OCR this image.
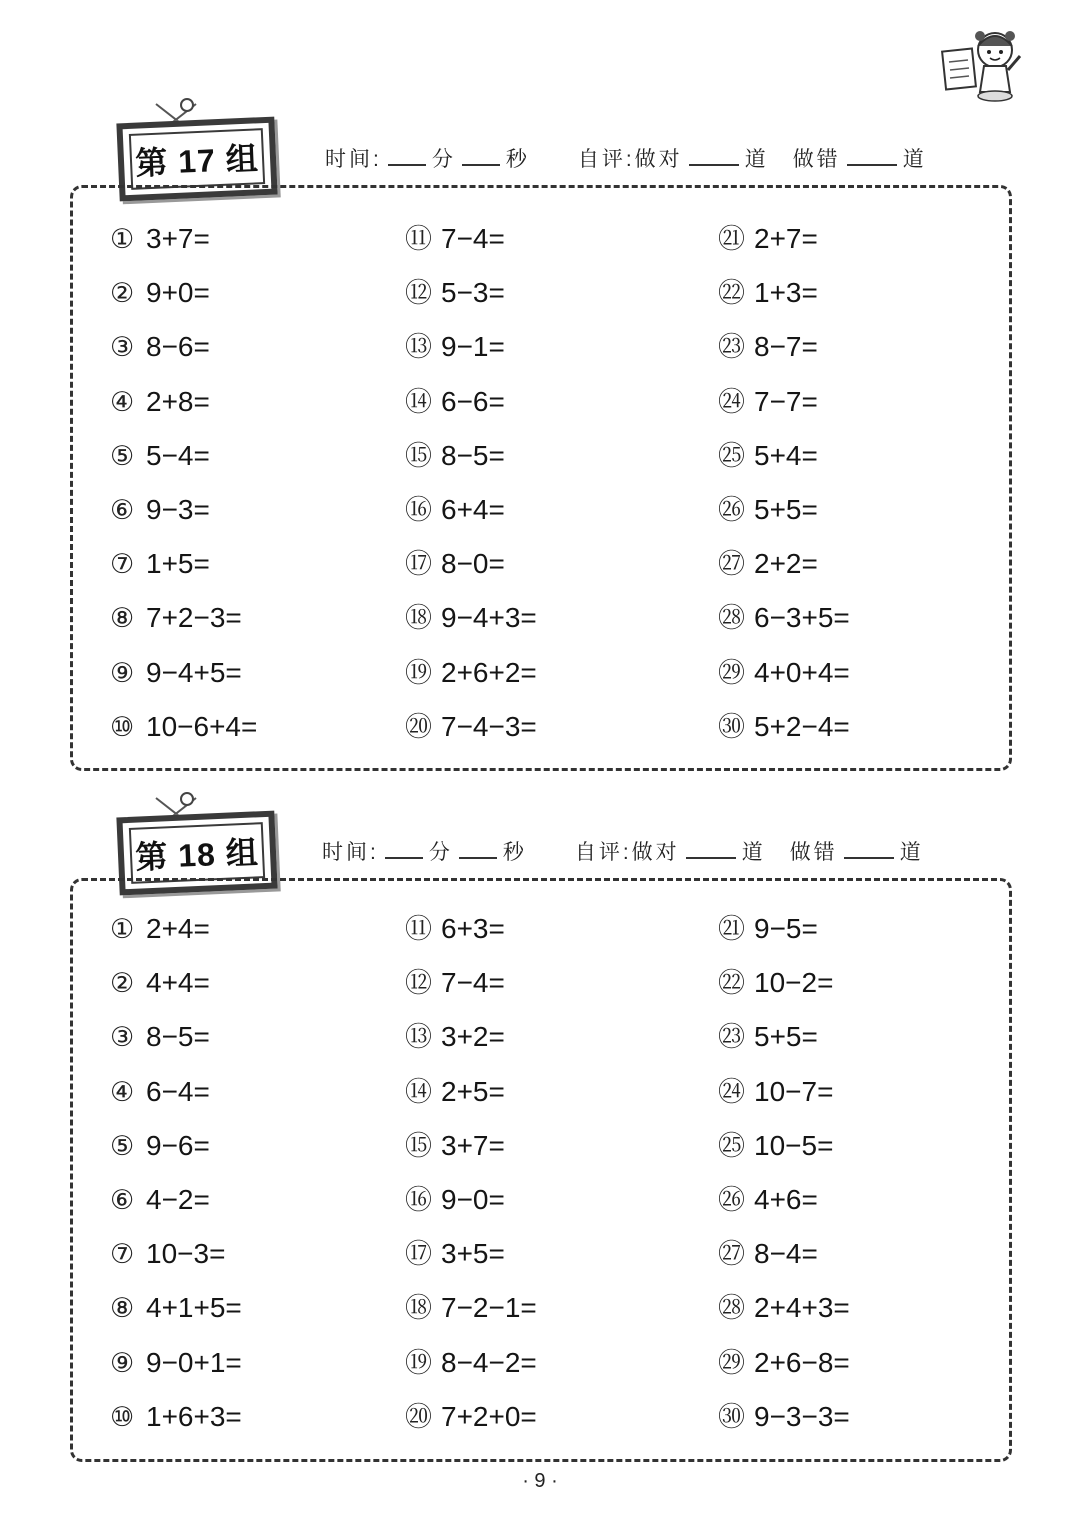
第 17 组	时间: 分 秒 自评:做对	道 做错	道
① 3+7=
② 9+0=
③ 8−6=
④ 2+8=
⑤ 5−4=
⑥ 9−3=
⑦ 1+5=
⑧ 7+2−3=
⑨ 9−4+5=
⑩ 10−6+4=
⑪ 7−4=
⑫ 5−3=
⑬ 9−1=
⑭ 6−6=
⑮ 8−5=
⑯ 6+4=
⑰ 8−0=
⑱ 9−4+3=
⑲ 2+6+2=
⑳ 7−4−3=
㉑ 2+7=
㉒ 1+3=
㉓ 8−7=
㉔ 7−7=
㉕ 5+4=
㉖ 5+5=
㉗ 2+2=
㉘ 6−3+5=
㉙ 4+0+4=
㉚ 5+2−4=
第 18 组	时间: 分 秒 自评:做对	道 做错	道
① 2+4=
② 4+4=
③ 8−5=
④ 6−4=
⑤ 9−6=
⑥ 4−2=
⑦ 10−3=
⑧ 4+1+5=
⑨ 9−0+1=
⑩ 1+6+3=
⑪ 6+3=
⑫ 7−4=
⑬ 3+2=
⑭ 2+5=
⑮ 3+7=
⑯ 9−0=
⑰ 3+5=
⑱ 7−2−1=
⑲ 8−4−2=
⑳ 7+2+0=
㉑ 9−5=
㉒ 10−2=
㉓ 5+5=
㉔ 10−7=
㉕ 10−5=
㉖ 4+6=
㉗ 8−4=
㉘ 2+4+3=
㉙ 2+6−8=
㉚ 9−3−3=
· 9 ·
